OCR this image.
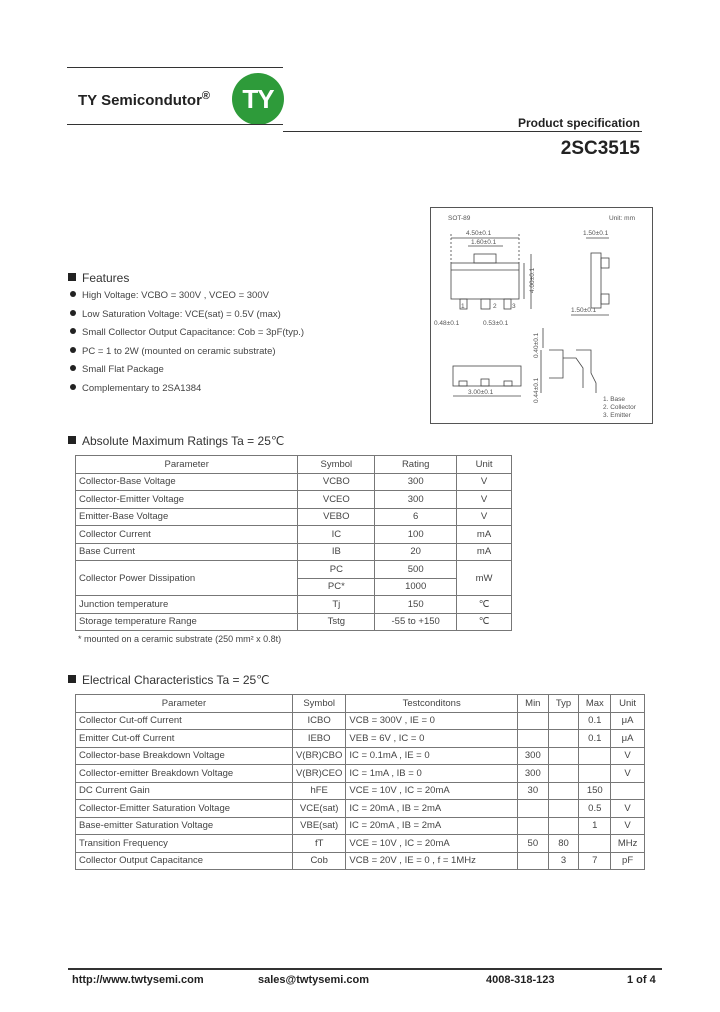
TY Semicondutor®	TY
Product specification
2SC3515
Features
High Voltage: VCBO = 300V , VCEO = 300V
Low Saturation Voltage: VCE(sat) = 0.5V (max)
Small Collector Output Capacitance: Cob = 3pF(typ.)
PC = 1 to 2W (mounted on ceramic substrate)
Small Flat Package
Complementary to 2SA1384
SOT-89	Unit: mm
4.50±0.1
1.60±0.1
4.00±0.1
0.48±0.1	0.53±0.1
1.50±0.1
3.00±0.1
1.50±0.1
0.40±0.1
0.44±0.1
1	2 3
1. Base
2. Collector
3. Emitter
Absolute Maximum Ratings Ta = 25℃
Parameter	Symbol	Rating	Unit
Collector-Base Voltage	VCBO	300	V
Collector-Emitter Voltage	VCEO	300	V
Emitter-Base Voltage	VEBO	6	V
Collector Current	IC	100	mA
Base Current	IB	20	mA
Collector Power Dissipation	PC	500	mW
	PC*	1000	
Junction temperature	Tj	150	℃
Storage temperature Range	Tstg	-55 to +150	℃
* mounted on a ceramic substrate (250 mm² x 0.8t)
Electrical Characteristics Ta = 25℃
Parameter	Symbol	Testconditons	Min	Typ	Max	Unit
Collector Cut-off Current	ICBO	VCB = 300V , IE = 0			0.1	μA
Emitter Cut-off Current	IEBO	VEB = 6V , IC = 0			0.1	μA
Collector-base Breakdown Voltage	V(BR)CBO	IC = 0.1mA , IE = 0	300			V
Collector-emitter Breakdown Voltage	V(BR)CEO	IC = 1mA , IB = 0	300			V
DC Current Gain	hFE	VCE = 10V , IC = 20mA	30		150	
Collector-Emitter Saturation Voltage	VCE(sat)	IC = 20mA , IB = 2mA			0.5	V
Base-emitter Saturation Voltage	VBE(sat)	IC = 20mA , IB = 2mA			1	V
Transition Frequency	fT	VCE = 10V , IC = 20mA	50	80		MHz
Collector Output Capacitance	Cob	VCB = 20V , IE = 0 , f = 1MHz		3	7	pF
http://www.twtysemi.com	sales@twtysemi.com	4008-318-123	1 of 4
